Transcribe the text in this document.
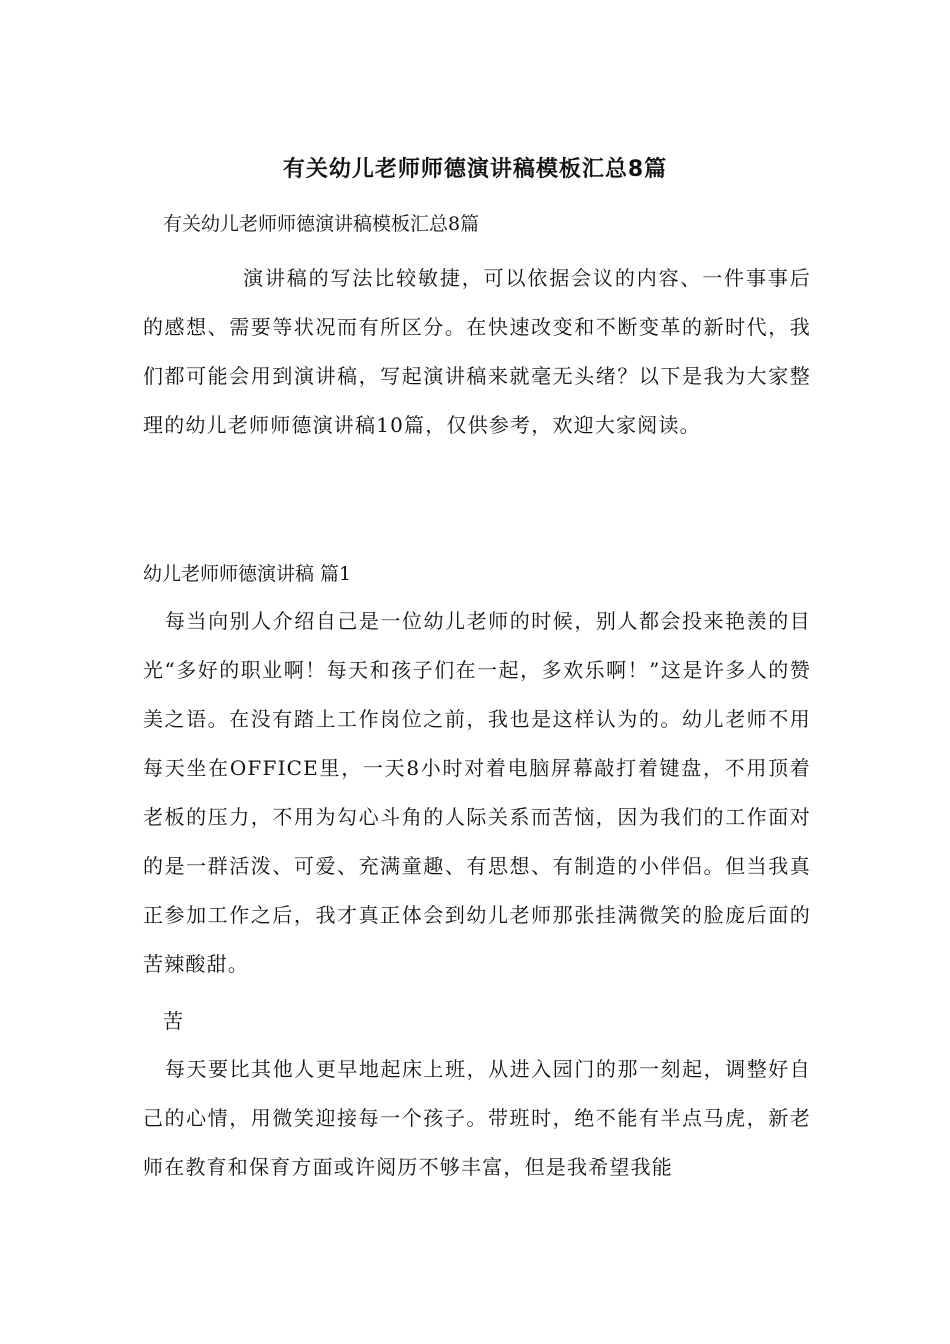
有关幼儿老师师德演讲稿模板汇总8篇
有关幼儿老师师德演讲稿模板汇总8篇
演讲稿的写法比较敏捷，可以依据会议的内容、一件事事后的感想、需要等状况而有所区分。在快速改变和不断变革的新时代，我们都可能会用到演讲稿，写起演讲稿来就毫无头绪？以下是我为大家整理的幼儿老师师德演讲稿10篇，仅供参考，欢迎大家阅读。
幼儿老师师德演讲稿 篇1
每当向别人介绍自己是一位幼儿老师的时候，别人都会投来艳羡的目光“多好的职业啊！每天和孩子们在一起，多欢乐啊！”这是许多人的赞美之语。在没有踏上工作岗位之前，我也是这样认为的。幼儿老师不用每天坐在OFFICE里，一天8小时对着电脑屏幕敲打着键盘，不用顶着老板的压力，不用为勾心斗角的人际关系而苦恼，因为我们的工作面对的是一群活泼、可爱、充满童趣、有思想、有制造的小伴侣。但当我真正参加工作之后，我才真正体会到幼儿老师那张挂满微笑的脸庞后面的苦辣酸甜。
苦
每天要比其他人更早地起床上班，从进入园门的那一刻起，调整好自己的心情，用微笑迎接每一个孩子。带班时，绝不能有半点马虎，新老师在教育和保育方面或许阅历不够丰富，但是我希望我能
